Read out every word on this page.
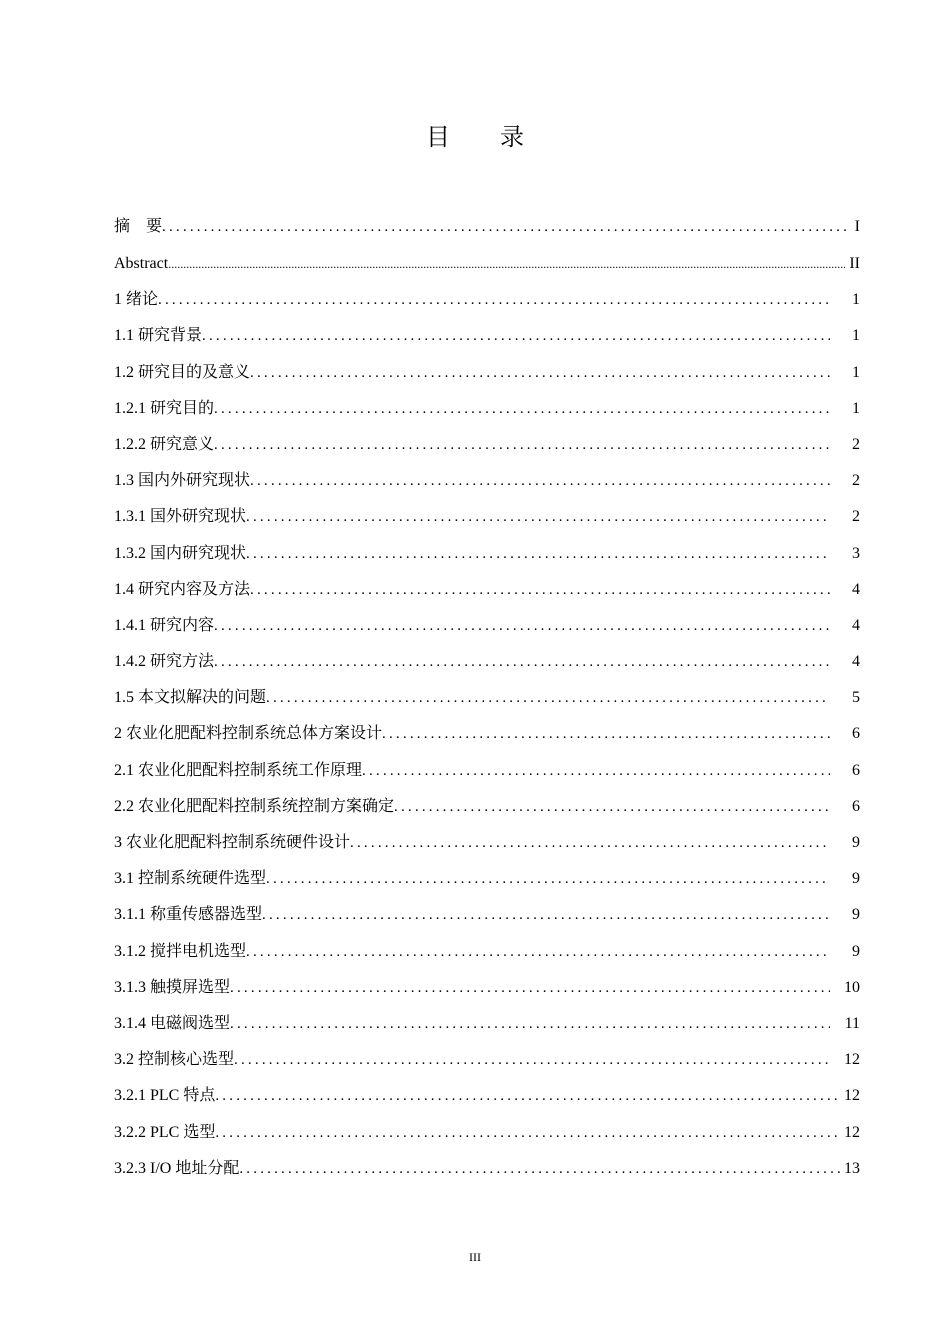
目 录
摘　要 .....	I
Abstract .....	II
1 绪论 .....	1
1.1 研究背景 .....	1
1.2 研究目的及意义 .....	1
1.2.1 研究目的 .....	1
1.2.2 研究意义 .....	2
1.3 国内外研究现状 .....	2
1.3.1 国外研究现状 .....	2
1.3.2 国内研究现状 .....	3
1.4 研究内容及方法 .....	4
1.4.1 研究内容 .....	4
1.4.2 研究方法 .....	4
1.5 本文拟解决的问题 .....	5
2 农业化肥配料控制系统总体方案设计 .....	6
2.1 农业化肥配料控制系统工作原理 .....	6
2.2 农业化肥配料控制系统控制方案确定 .....	6
3 农业化肥配料控制系统硬件设计 .....	9
3.1 控制系统硬件选型 .....	9
3.1.1 称重传感器选型 .....	9
3.1.2 搅拌电机选型 .....	9
3.1.3 触摸屏选型 .....	10
3.1.4 电磁阀选型 .....	11
3.2 控制核心选型 .....	12
3.2.1 PLC 特点 .....	12
3.2.2 PLC 选型 .....	12
3.2.3 I/O 地址分配 .....	13
III
